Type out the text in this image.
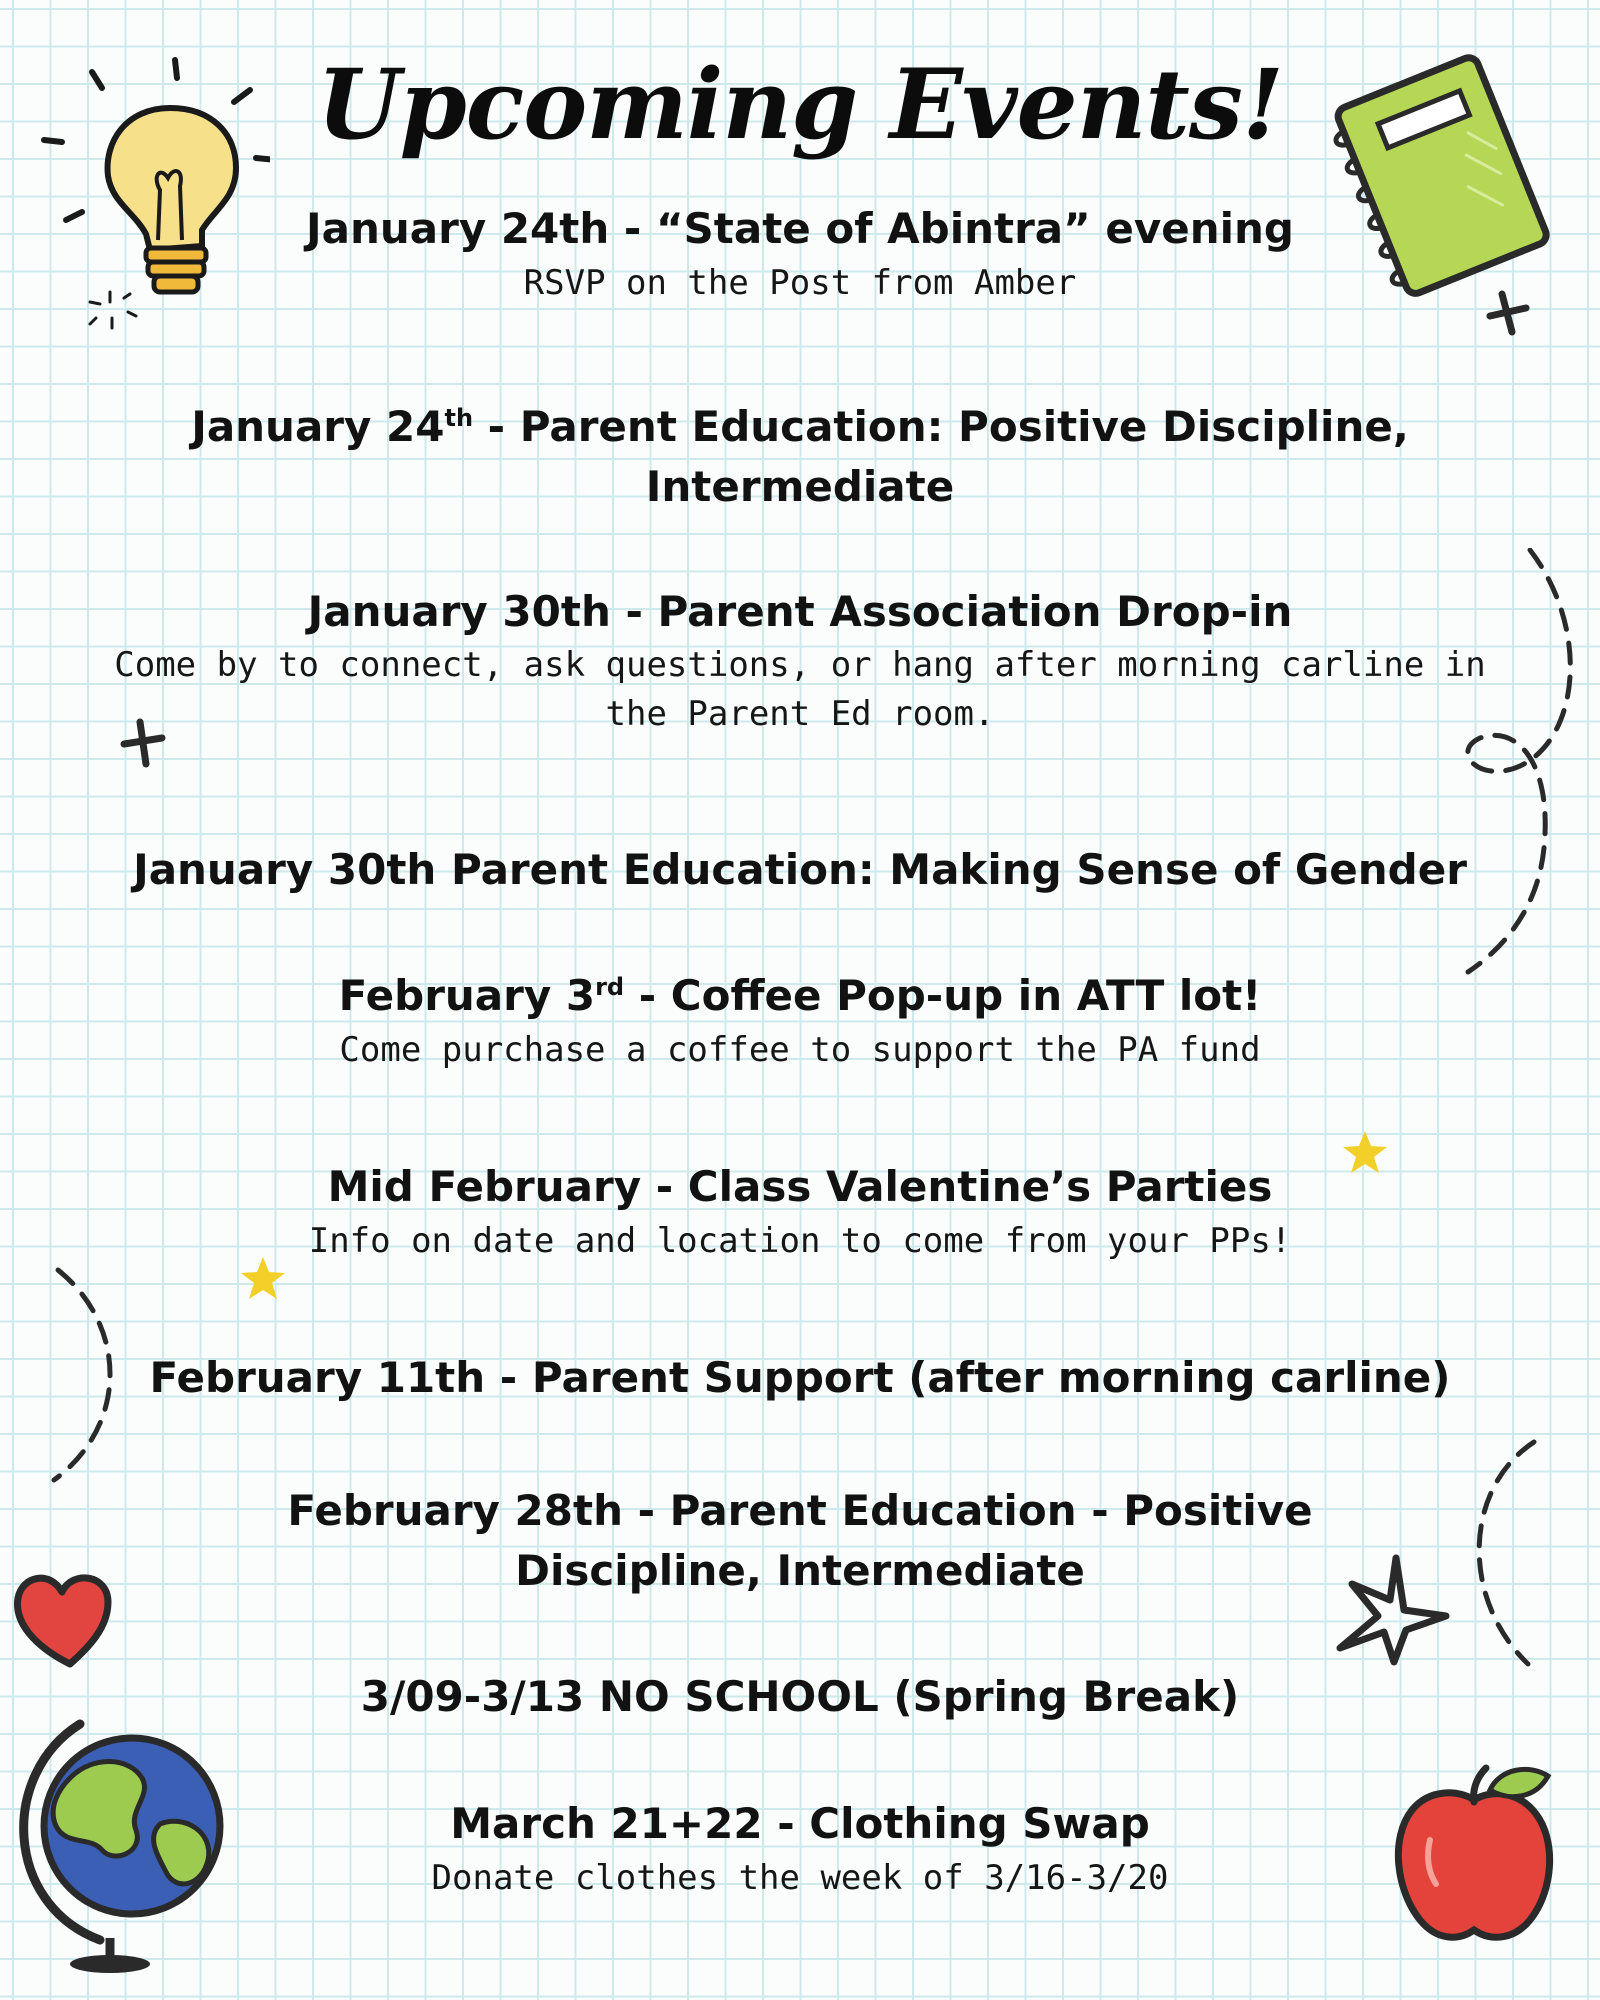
Upcoming Events!
January 24th - “State of Abintra” evening
RSVP on the Post from Amber
January 24th - Parent Education: Positive Discipline, Intermediate
January 30th - Parent Association Drop-in
Come by to connect, ask questions, or hang after morning carline in the Parent Ed room.
January 30th Parent Education: Making Sense of Gender
February 3rd - Coffee Pop-up in ATT lot!
Come purchase a coffee to support the PA fund
Mid February - Class Valentine’s Parties
Info on date and location to come from your PPs!
February 11th - Parent Support (after morning carline)
February 28th - Parent Education - Positive Discipline, Intermediate
3/09-3/13 NO SCHOOL (Spring Break)
March 21+22 - Clothing Swap
Donate clothes the week of 3/16-3/20
